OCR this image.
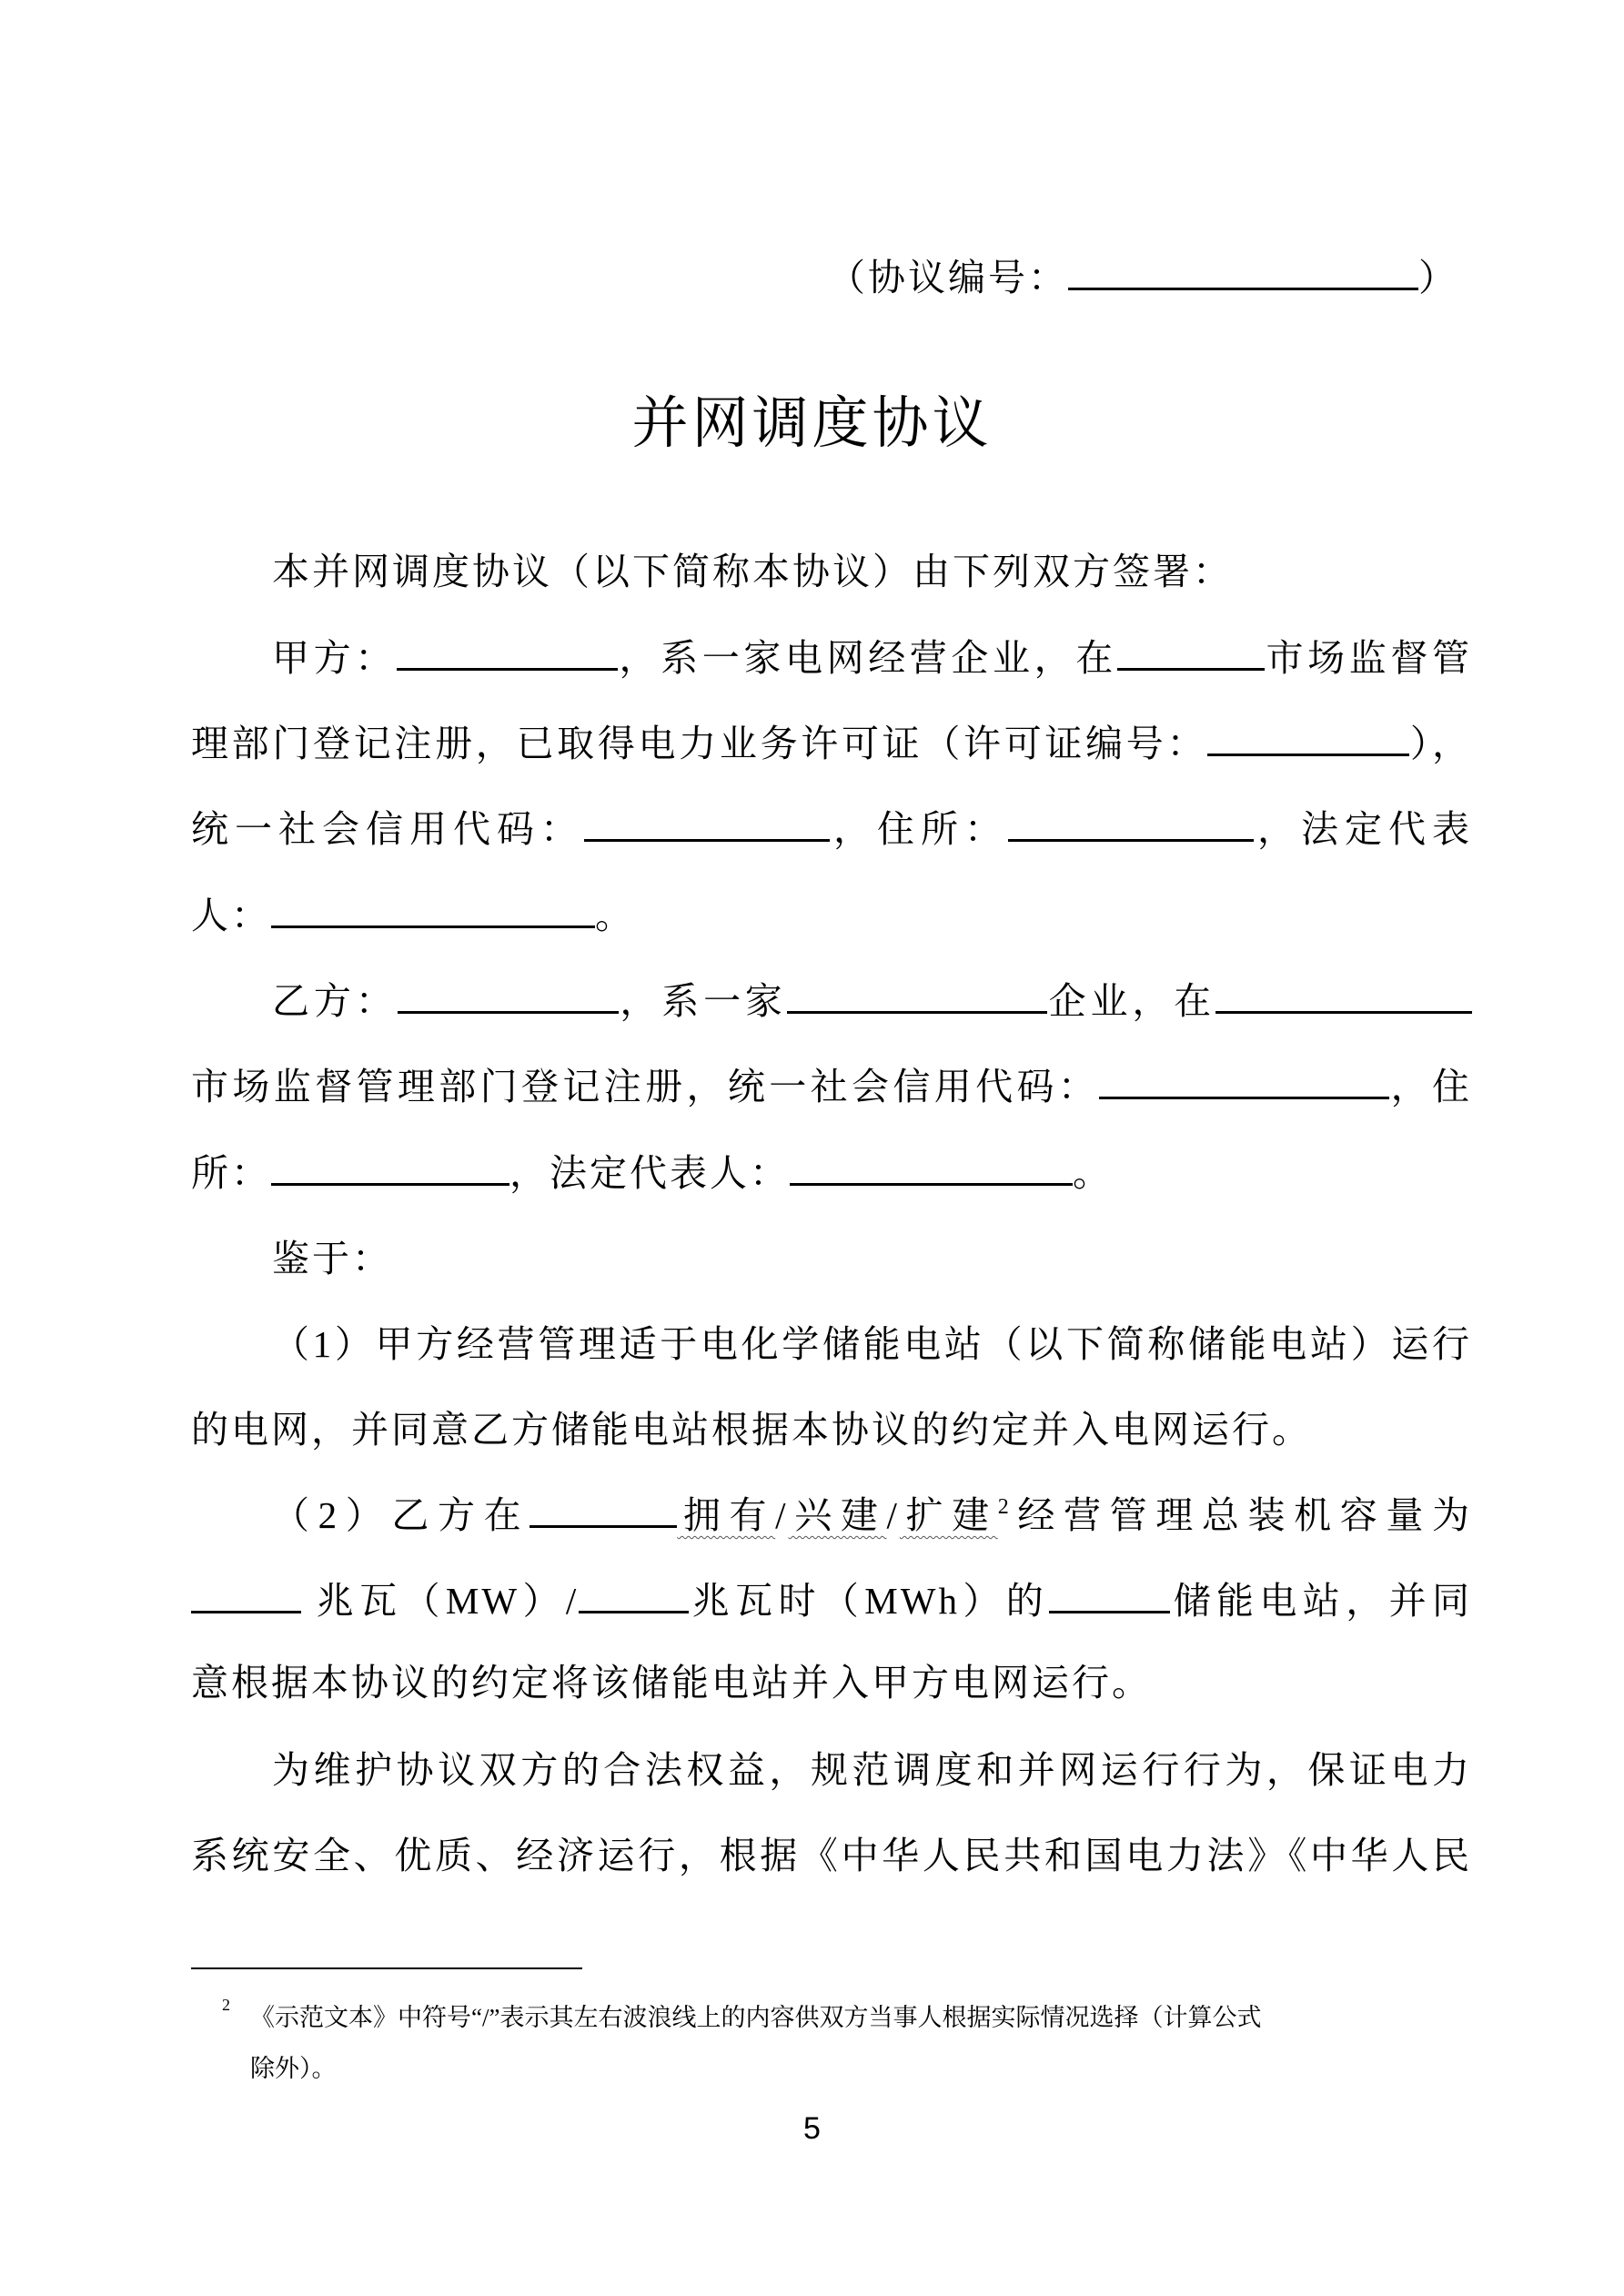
（协议编号：	）
并网调度协议
本并网调度协议（以下简称本协议）由下列双方签署：
甲方：	，系一家电网经营企业，在	市场监督管
理部门登记注册，已取得电力业务许可证（许可证编号：	），
统一社会信用代码：	，住所：	，法定代表
人：	。
乙方：	，系一家	企业，在
市场监督管理部门登记注册，统一社会信用代码：	，住
所：	，法定代表人：	。
鉴于：
（1）甲方经营管理适于电化学储能电站（以下简称储能电站）运行
的电网，并同意乙方储能电站根据本协议的约定并入电网运行。
（2）乙方在	拥有/兴建/扩建$^2$经营管理总装机容量为
兆瓦（MW）/	兆瓦时（MWh）的	储能电站，并同
意根据本协议的约定将该储能电站并入甲方电网运行。
为维护协议双方的合法权益，规范调度和并网运行行为，保证电力
系统安全、优质、经济运行，根据《中华人民共和国电力法》《中华人民
2 《示范文本》中符号“/”表示其左右波浪线上的内容供双方当事人根据实际情况选择（计算公式
除外）。
5
